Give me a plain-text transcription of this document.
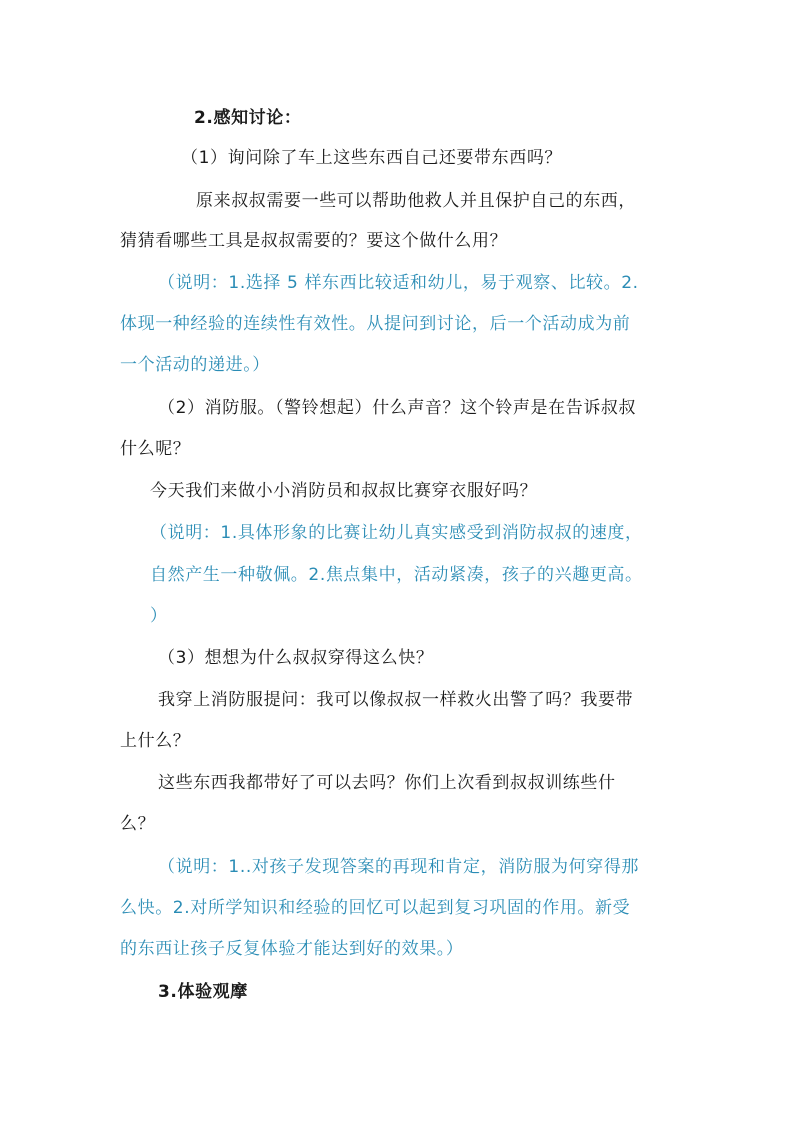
2.感知讨论：
（1）询问除了车上这些东西自己还要带东西吗？
原来叔叔需要一些可以帮助他救人并且保护自己的东西，
猜猜看哪些工具是叔叔需要的？要这个做什么用？
（说明：1.选择 5 样东西比较适和幼儿，易于观察、比较。2.
体现一种经验的连续性有效性。从提问到讨论，后一个活动成为前
一个活动的递进。）
（2）消防服。（警铃想起）什么声音？这个铃声是在告诉叔叔
什么呢？
今天我们来做小小消防员和叔叔比赛穿衣服好吗？
（说明：1.具体形象的比赛让幼儿真实感受到消防叔叔的速度，
自然产生一种敬佩。2.焦点集中，活动紧凑，孩子的兴趣更高。
）
（3）想想为什么叔叔穿得这么快？
我穿上消防服提问：我可以像叔叔一样救火出警了吗？我要带
上什么？
这些东西我都带好了可以去吗？你们上次看到叔叔训练些什
么？
（说明：1..对孩子发现答案的再现和肯定，消防服为何穿得那
么快。2.对所学知识和经验的回忆可以起到复习巩固的作用。新受
的东西让孩子反复体验才能达到好的效果。）
3.体验观摩
